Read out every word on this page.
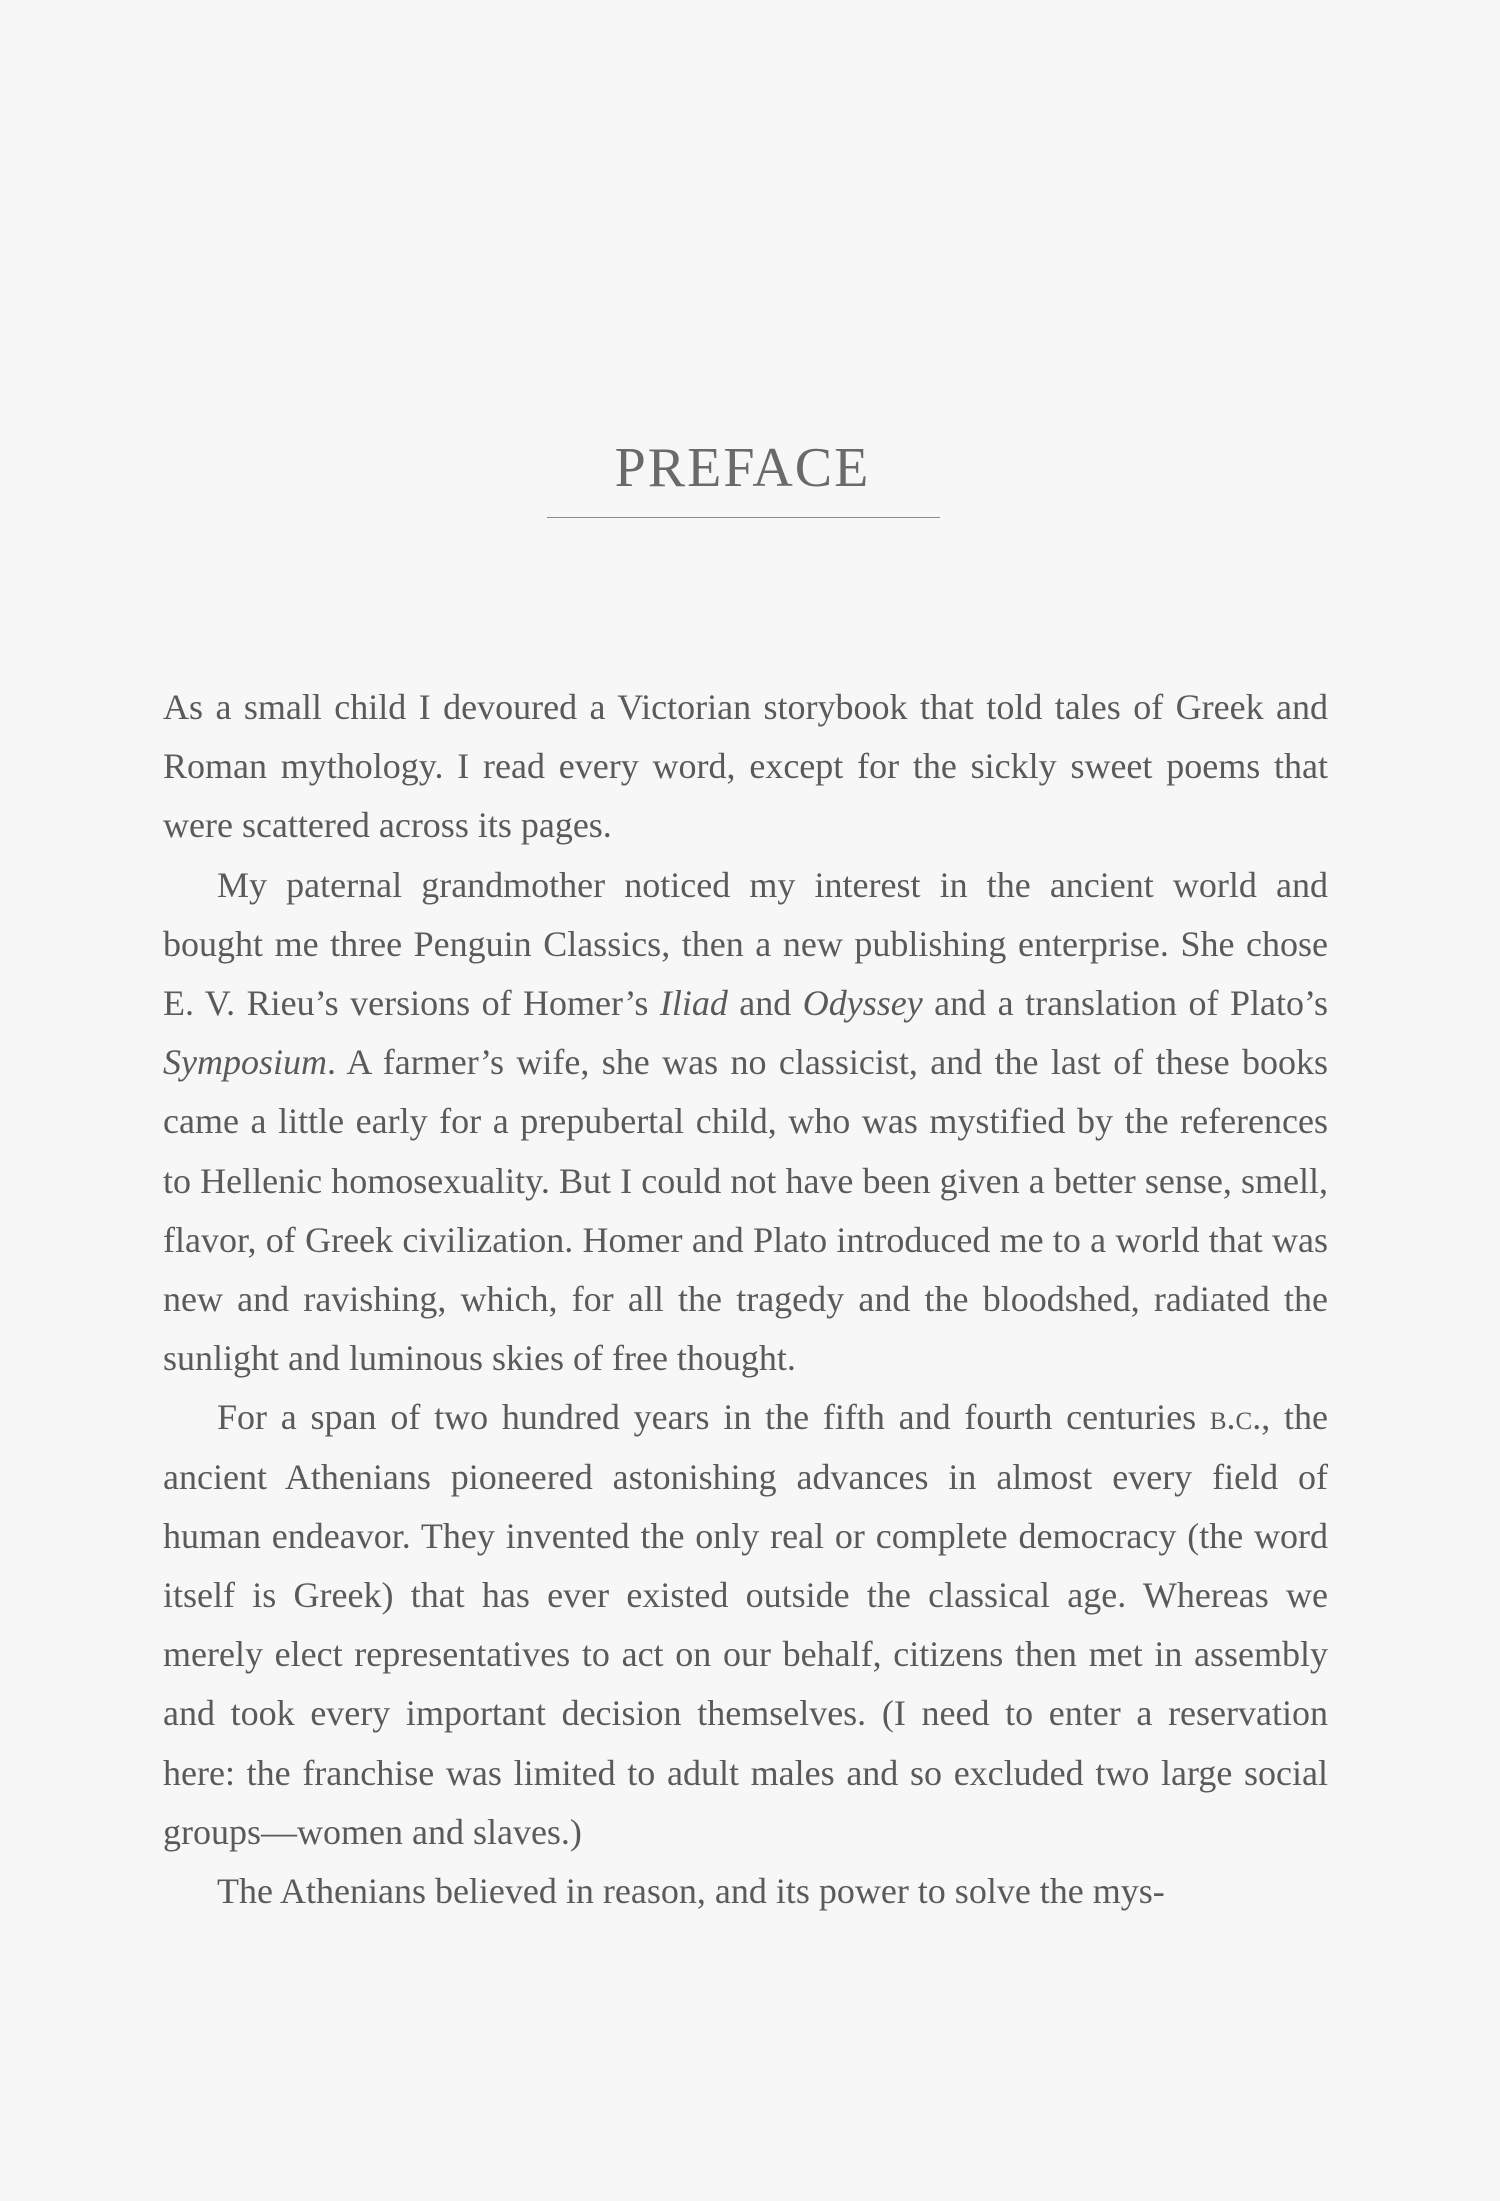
PREFACE

As a small child I devoured a Victorian storybook that told tales of Greek and Roman mythology. I read every word, except for the sickly sweet poems that were scattered across its pages.

My paternal grandmother noticed my interest in the ancient world and bought me three Penguin Classics, then a new publishing enterprise. She chose E. V. Rieu’s versions of Homer’s Iliad and Odyssey and a translation of Plato’s Symposium. A farmer’s wife, she was no classicist, and the last of these books came a little early for a prepubertal child, who was mystified by the references to Hellenic homosexuality. But I could not have been given a better sense, smell, flavor, of Greek civilization. Homer and Plato introduced me to a world that was new and ravishing, which, for all the tragedy and the bloodshed, radiated the sunlight and luminous skies of free thought.

For a span of two hundred years in the fifth and fourth centuries b.c., the ancient Athenians pioneered astonishing advances in almost every field of human endeavor. They invented the only real or complete democracy (the word itself is Greek) that has ever existed outside the classical age. Whereas we merely elect representatives to act on our behalf, citizens then met in assembly and took every important decision themselves. (I need to enter a reservation here: the franchise was limited to adult males and so excluded two large social groups—women and slaves.)

The Athenians believed in reason, and its power to solve the mys-
